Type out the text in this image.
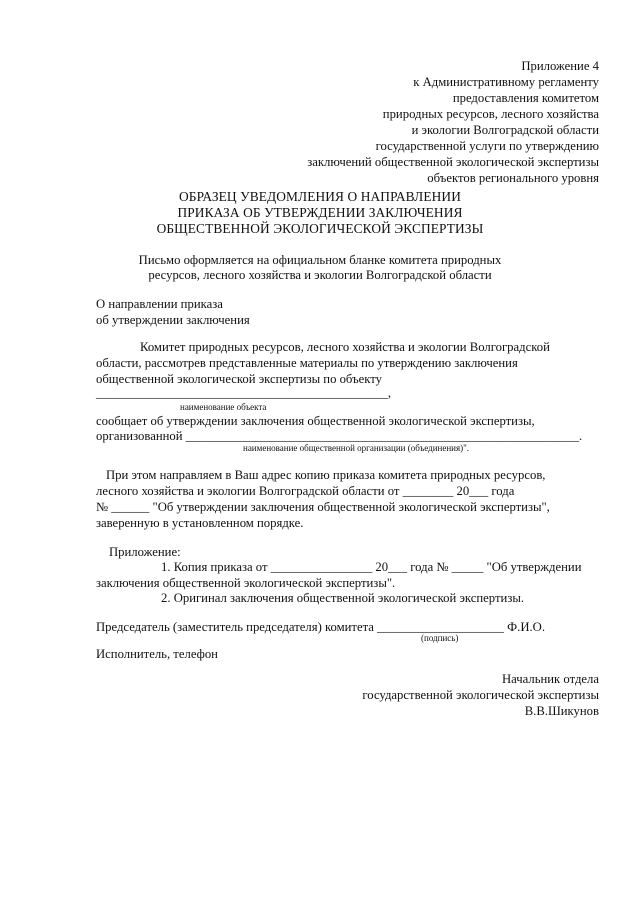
Приложение 4

к Административному регламенту

предоставления комитетом

природных ресурсов, лесного хозяйства

и экологии Волгоградской области

государственной услуги по утверждению

заключений общественной экологической экспертизы

объектов регионального уровня

ОБРАЗЕЦ УВЕДОМЛЕНИЯ О НАПРАВЛЕНИИ

ПРИКАЗА ОБ УТВЕРЖДЕНИИ ЗАКЛЮЧЕНИЯ

ОБЩЕСТВЕННОЙ ЭКОЛОГИЧЕСКОЙ ЭКСПЕРТИЗЫ

Письмо оформляется на официальном бланке комитета природных

ресурсов, лесного хозяйства и экологии Волгоградской области

О направлении приказа

об утверждении заключения

Комитет природных ресурсов, лесного хозяйства и экологии Волгоградской

области, рассмотрев представленные материалы по утверждению заключения

общественной экологической экспертизы по объекту

______________________________________________,

наименование объекта

сообщает об утверждении заключения общественной экологической экспертизы,

организованной ______________________________________________________________.

наименование общественной организации (объединения)".

При этом направляем в Ваш адрес копию приказа комитета природных ресурсов,

лесного хозяйства и экологии Волгоградской области от ________ 20___ года

№ ______ "Об утверждении заключения общественной экологической экспертизы",

заверенную в установленном порядке.

Приложение:

1. Копия приказа от ________________ 20___ года № _____ "Об утверждении

заключения общественной экологической экспертизы".

2. Оригинал заключения общественной экологической экспертизы.

Председатель (заместитель председателя) комитета ____________________ Ф.И.О.

(подпись)

Исполнитель, телефон

Начальник отдела

государственной экологической экспертизы

В.В.Шикунов
